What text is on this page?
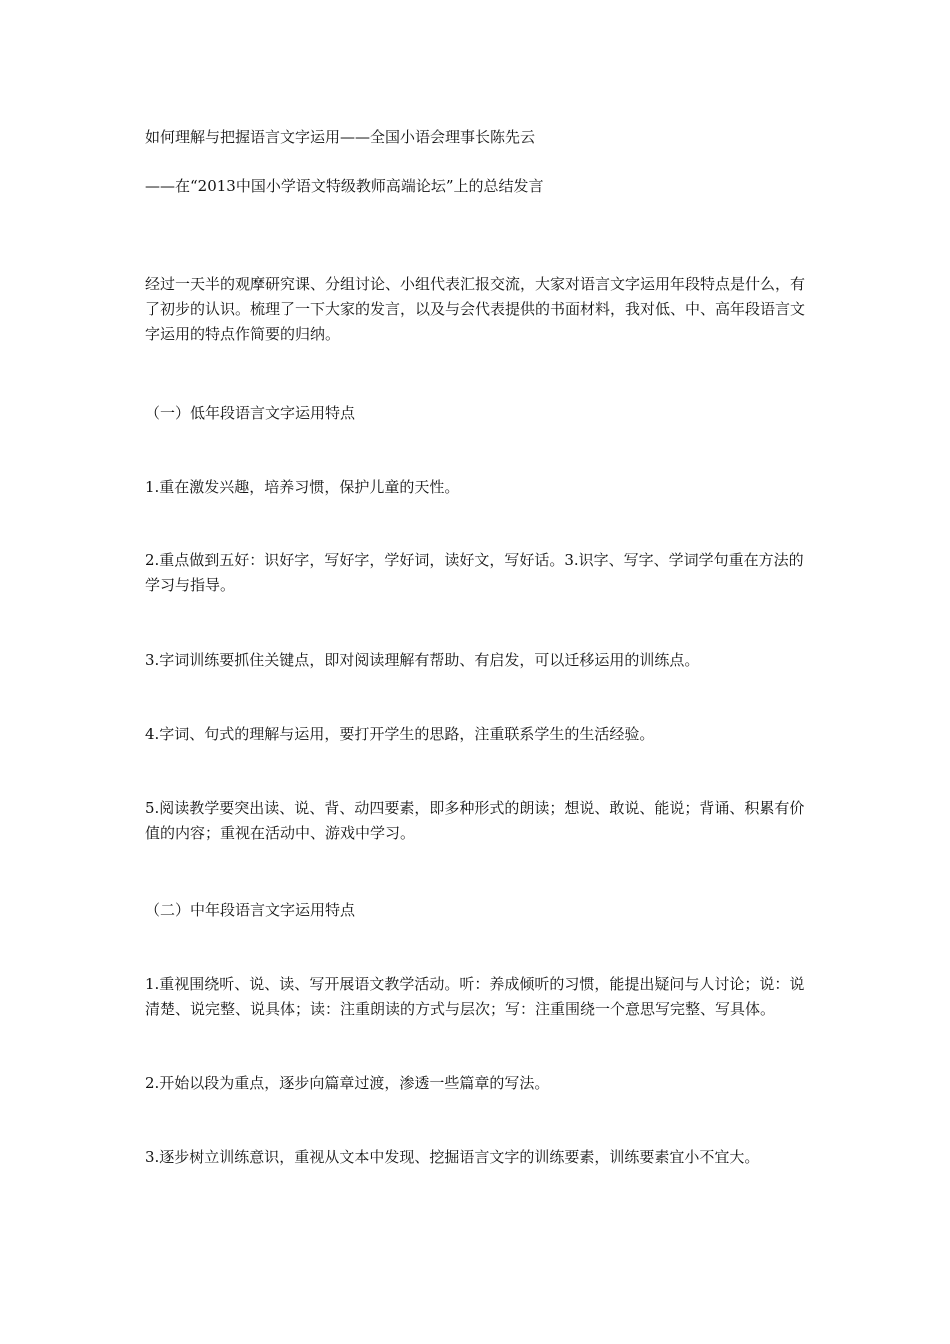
如何理解与把握语言文字运用——全国小语会理事长陈先云

——在“2013中国小学语文特级教师高端论坛”上的总结发言

经过一天半的观摩研究课、分组讨论、小组代表汇报交流，大家对语言文字运用年段特点是什么，有了初步的认识。梳理了一下大家的发言，以及与会代表提供的书面材料，我对低、中、高年段语言文字运用的特点作简要的归纳。

（一）低年段语言文字运用特点

1.重在激发兴趣，培养习惯，保护儿童的天性。

2.重点做到五好：识好字，写好字，学好词，读好文，写好话。3.识字、写字、学词学句重在方法的学习与指导。

3.字词训练要抓住关键点，即对阅读理解有帮助、有启发，可以迁移运用的训练点。

4.字词、句式的理解与运用，要打开学生的思路，注重联系学生的生活经验。

5.阅读教学要突出读、说、背、动四要素，即多种形式的朗读；想说、敢说、能说；背诵、积累有价值的内容；重视在活动中、游戏中学习。

（二）中年段语言文字运用特点

1.重视围绕听、说、读、写开展语文教学活动。听：养成倾听的习惯，能提出疑问与人讨论；说：说清楚、说完整、说具体；读：注重朗读的方式与层次；写：注重围绕一个意思写完整、写具体。

2.开始以段为重点，逐步向篇章过渡，渗透一些篇章的写法。

3.逐步树立训练意识，重视从文本中发现、挖掘语言文字的训练要素，训练要素宜小不宜大。
